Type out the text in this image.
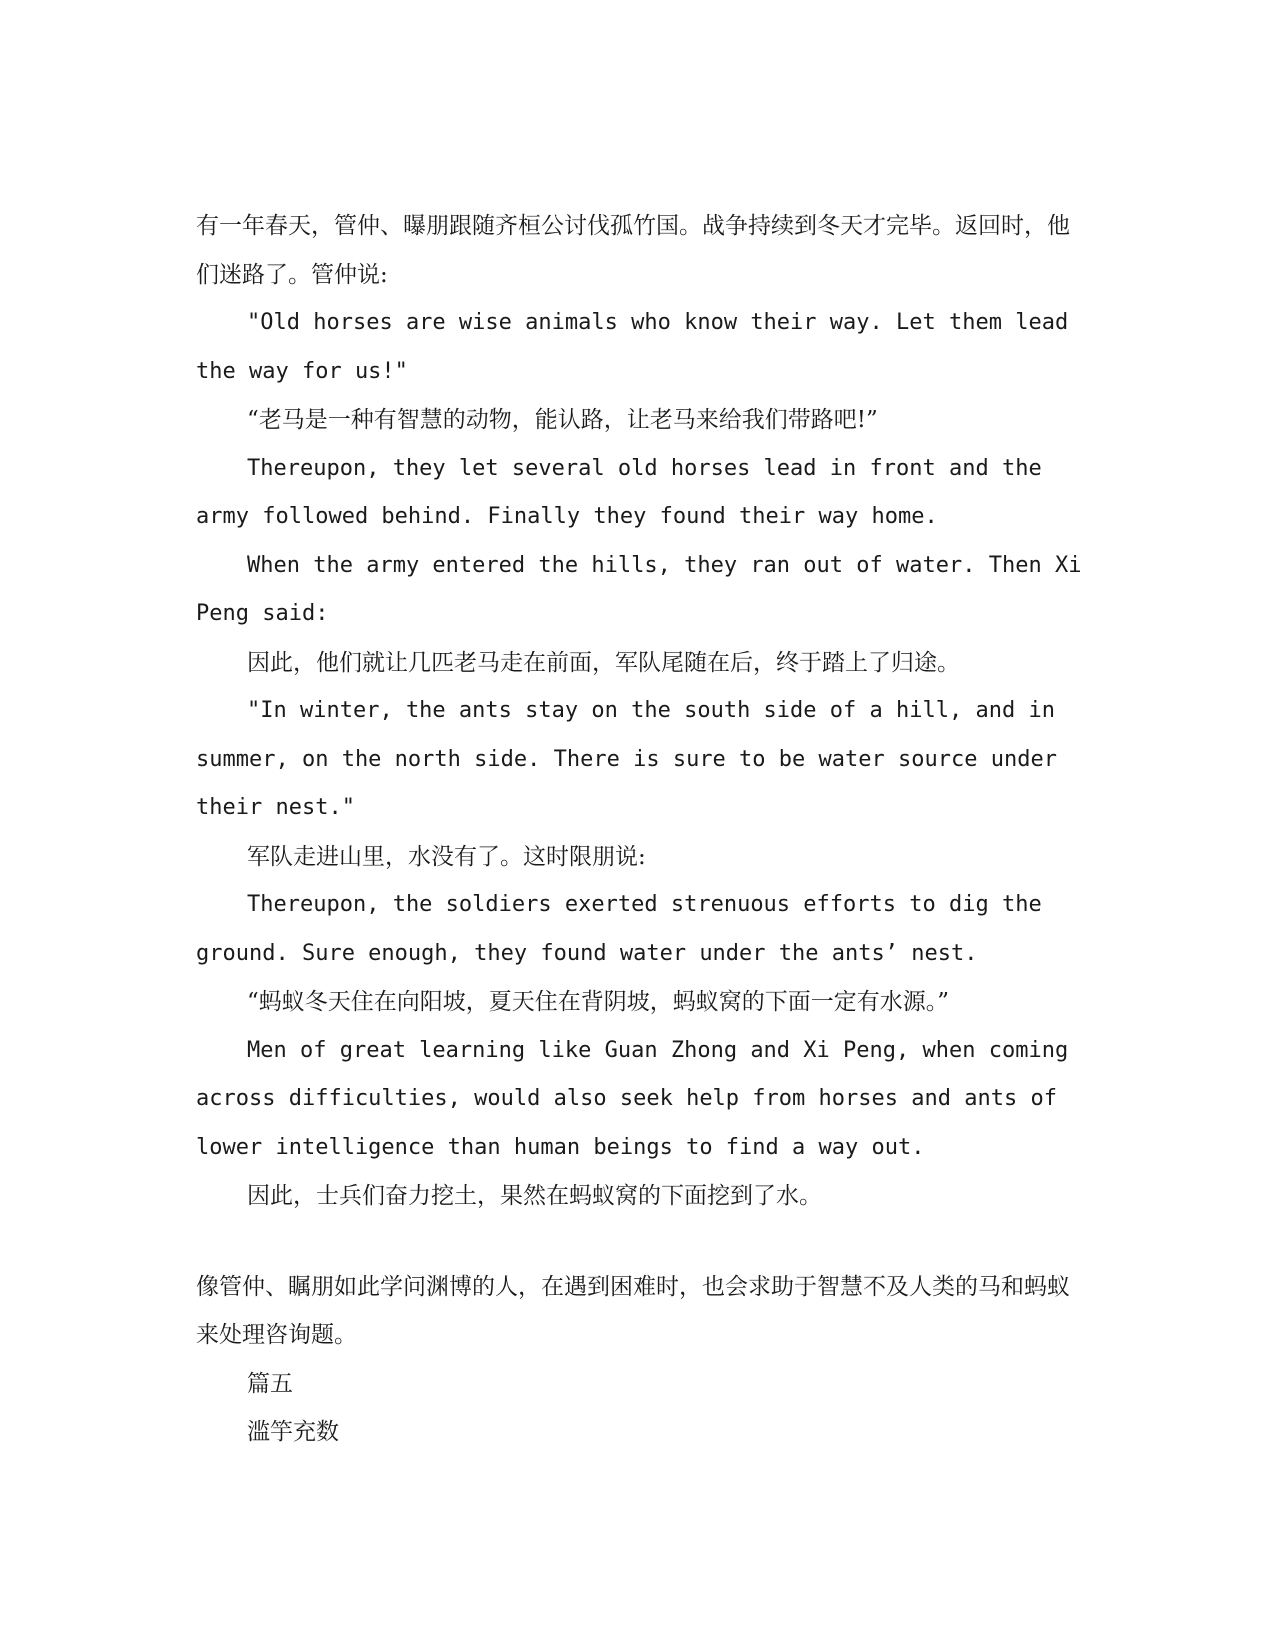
有一年春天，管仲、曝朋跟随齐桓公讨伐孤竹国。战争持续到冬天才完毕。返回时，他们迷路了。管仲说:

"Old horses are wise animals who know their way. Let them lead the way for us!"

“老马是一种有智慧的动物，能认路，让老马来给我们带路吧!”

Thereupon, they let several old horses lead in front and the army followed behind. Finally they found their way home.

When the army entered the hills, they ran out of water. Then Xi Peng said:

因此，他们就让几匹老马走在前面，军队尾随在后，终于踏上了归途。

"In winter, the ants stay on the south side of a hill, and in summer, on the north side. There is sure to be water source under their nest."

军队走进山里，水没有了。这时限朋说:

Thereupon, the soldiers exerted strenuous efforts to dig the ground. Sure enough, they found water under the ants’ nest.

“蚂蚁冬天住在向阳坡，夏天住在背阴坡，蚂蚁窝的下面一定有水源。”

Men of great learning like Guan Zhong and Xi Peng, when coming across difficulties, would also seek help from horses and ants of lower intelligence than human beings to find a way out.

因此，士兵们奋力挖土，果然在蚂蚁窝的下面挖到了水。

像管仲、瞩朋如此学问渊博的人，在遇到困难时，也会求助于智慧不及人类的马和蚂蚁来处理咨询题。

篇五

滥竽充数
